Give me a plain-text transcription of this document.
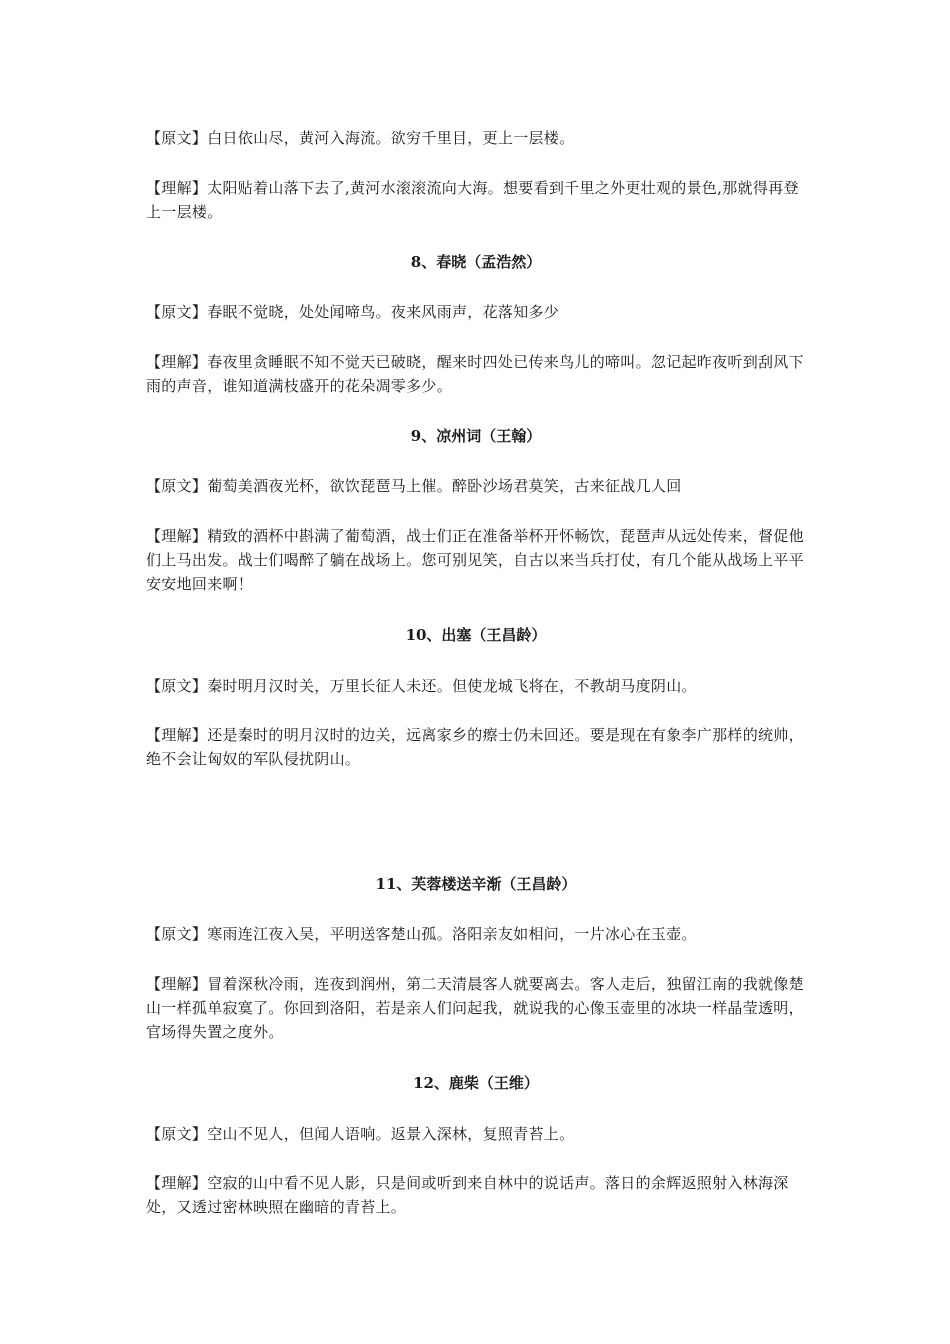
【原文】白日依山尽，黄河入海流。欲穷千里目，更上一层楼。

【理解】太阳贴着山落下去了,黄河水滚滚流向大海。想要看到千里之外更壮观的景色,那就得再登上一层楼。

8、春晓（孟浩然）

【原文】春眠不觉晓，处处闻啼鸟。夜来风雨声，花落知多少

【理解】春夜里贪睡眠不知不觉天已破晓，醒来时四处已传来鸟儿的啼叫。忽记起昨夜听到刮风下雨的声音，谁知道满枝盛开的花朵凋零多少。

9、凉州词（王翰）

【原文】葡萄美酒夜光杯，欲饮琵琶马上催。醉卧沙场君莫笑，古来征战几人回

【理解】精致的酒杯中斟满了葡萄酒，战士们正在准备举杯开怀畅饮，琵琶声从远处传来，督促他们上马出发。战士们喝醉了躺在战场上。您可别见笑，自古以来当兵打仗，有几个能从战场上平平安安地回来啊！

10、出塞（王昌龄）

【原文】秦时明月汉时关，万里长征人未还。但使龙城飞将在，不教胡马度阴山。

【理解】还是秦时的明月汉时的边关，远离家乡的瘵士仍未回还。要是现在有象李广那样的统帅，绝不会让匈奴的军队侵扰阴山。

11、芙蓉楼送辛渐（王昌龄）

【原文】寒雨连江夜入吴，平明送客楚山孤。洛阳亲友如相问，一片冰心在玉壶。

【理解】冒着深秋冷雨，连夜到润州，第二天清晨客人就要离去。客人走后，独留江南的我就像楚山一样孤单寂寞了。你回到洛阳，若是亲人们问起我，就说我的心像玉壶里的冰块一样晶莹透明，官场得失置之度外。

12、鹿柴（王维）

【原文】空山不见人，但闻人语响。返景入深林，复照青苔上。

【理解】空寂的山中看不见人影，只是间或听到来自林中的说话声。落日的余辉返照射入林海深处，又透过密林映照在幽暗的青苔上。
